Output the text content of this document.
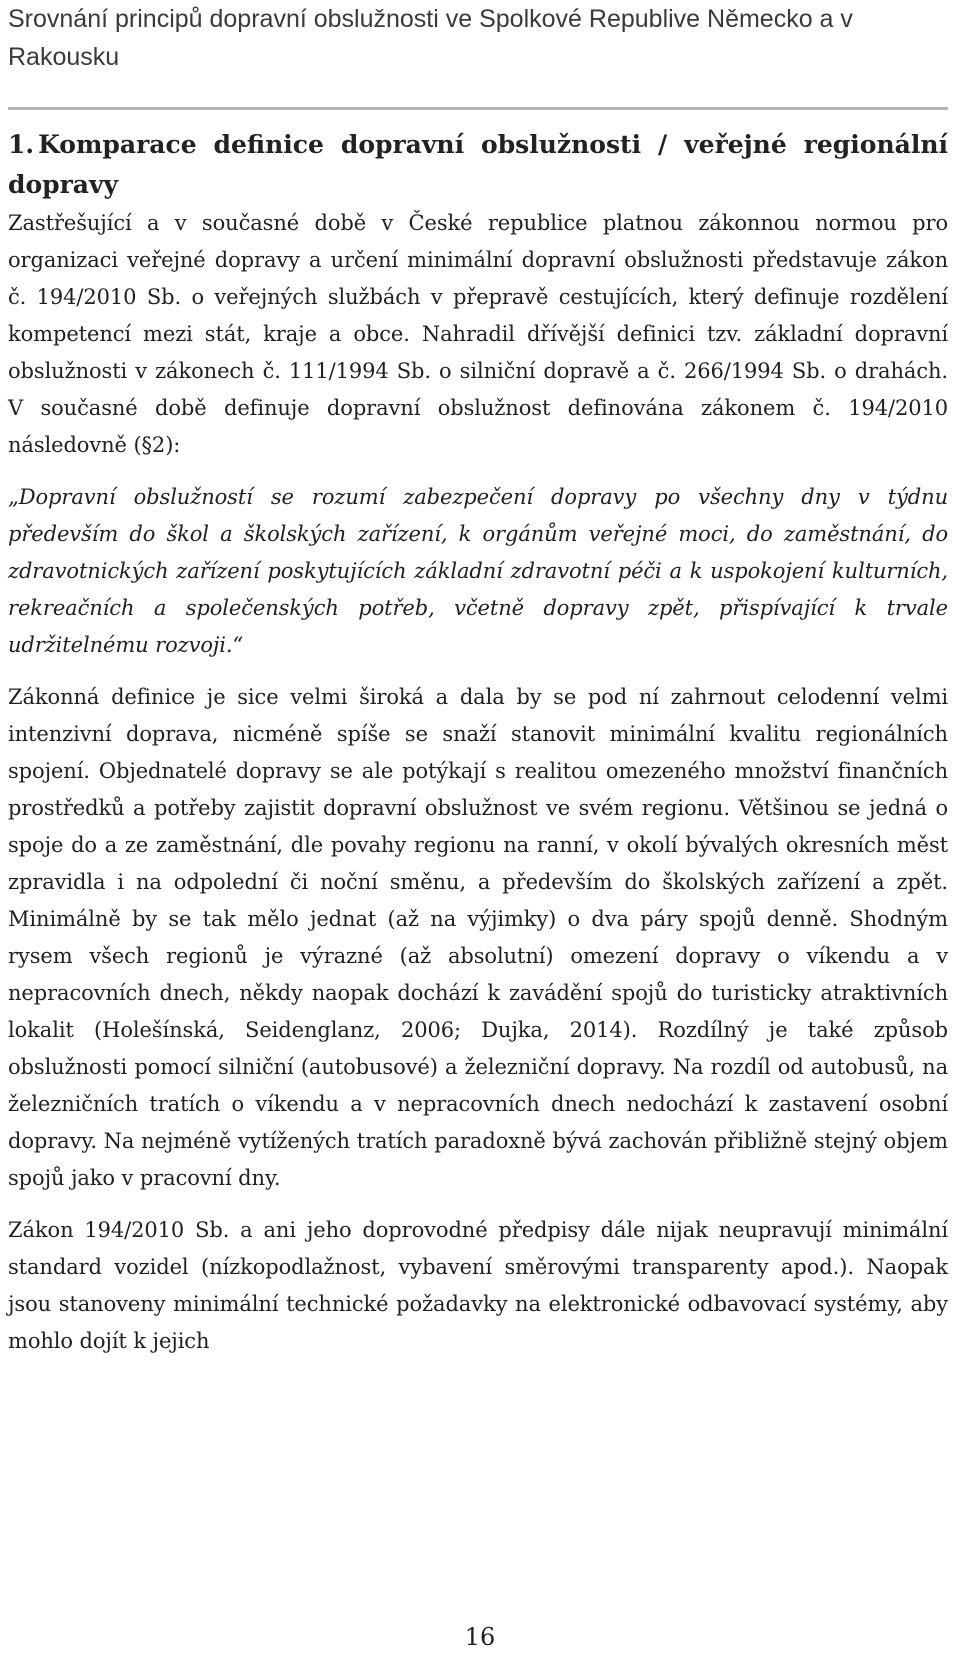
Srovnání principů dopravní obslužnosti ve Spolkové Republive Německo a v Rakousku
1. Komparace definice dopravní obslužnosti / veřejné regionální dopravy

Zastřešující a v současné době v České republice platnou zákonnou normou pro organizaci veřejné dopravy a určení minimální dopravní obslužnosti představuje zákon č. 194/2010 Sb. o veřejných službách v přepravě cestujících, který definuje rozdělení kompetencí mezi stát, kraje a obce. Nahradil dřívější definici tzv. základní dopravní obslužnosti v zákonech č. 111/1994 Sb. o silniční dopravě a č. 266/1994 Sb. o drahách. V současné době definuje dopravní obslužnost definována zákonem č. 194/2010 následovně (§2):

„Dopravní obslužností se rozumí zabezpečení dopravy po všechny dny v týdnu především do škol a školských zařízení, k orgánům veřejné moci, do zaměstnání, do zdravotnických zařízení poskytujících základní zdravotní péči a k uspokojení kulturních, rekreačních a společenských potřeb, včetně dopravy zpět, přispívající k trvale udržitelnému rozvoji.“

Zákonná definice je sice velmi široká a dala by se pod ní zahrnout celodenní velmi intenzivní doprava, nicméně spíše se snaží stanovit minimální kvalitu regionálních spojení. Objednatelé dopravy se ale potýkají s realitou omezeného množství finančních prostředků a potřeby zajistit dopravní obslužnost ve svém regionu. Většinou se jedná o spoje do a ze zaměstnání, dle povahy regionu na ranní, v okolí bývalých okresních měst zpravidla i na odpolední či noční směnu, a především do školských zařízení a zpět. Minimálně by se tak mělo jednat (až na výjimky) o dva páry spojů denně. Shodným rysem všech regionů je výrazné (až absolutní) omezení dopravy o víkendu a v nepracovních dnech, někdy naopak dochází k zavádění spojů do turisticky atraktivních lokalit (Holešínská, Seidenglanz, 2006; Dujka, 2014). Rozdílný je také způsob obslužnosti pomocí silniční (autobusové) a železniční dopravy. Na rozdíl od autobusů, na železničních tratích o víkendu a v nepracovních dnech nedochází k zastavení osobní dopravy. Na nejméně vytížených tratích paradoxně bývá zachován přibližně stejný objem spojů jako v pracovní dny.

Zákon 194/2010 Sb. a ani jeho doprovodné předpisy dále nijak neupravují minimální standard vozidel (nízkopodlažnost, vybavení směrovými transparenty apod.). Naopak jsou stanoveny minimální technické požadavky na elektronické odbavovací systémy, aby mohlo dojít k jejich

16
